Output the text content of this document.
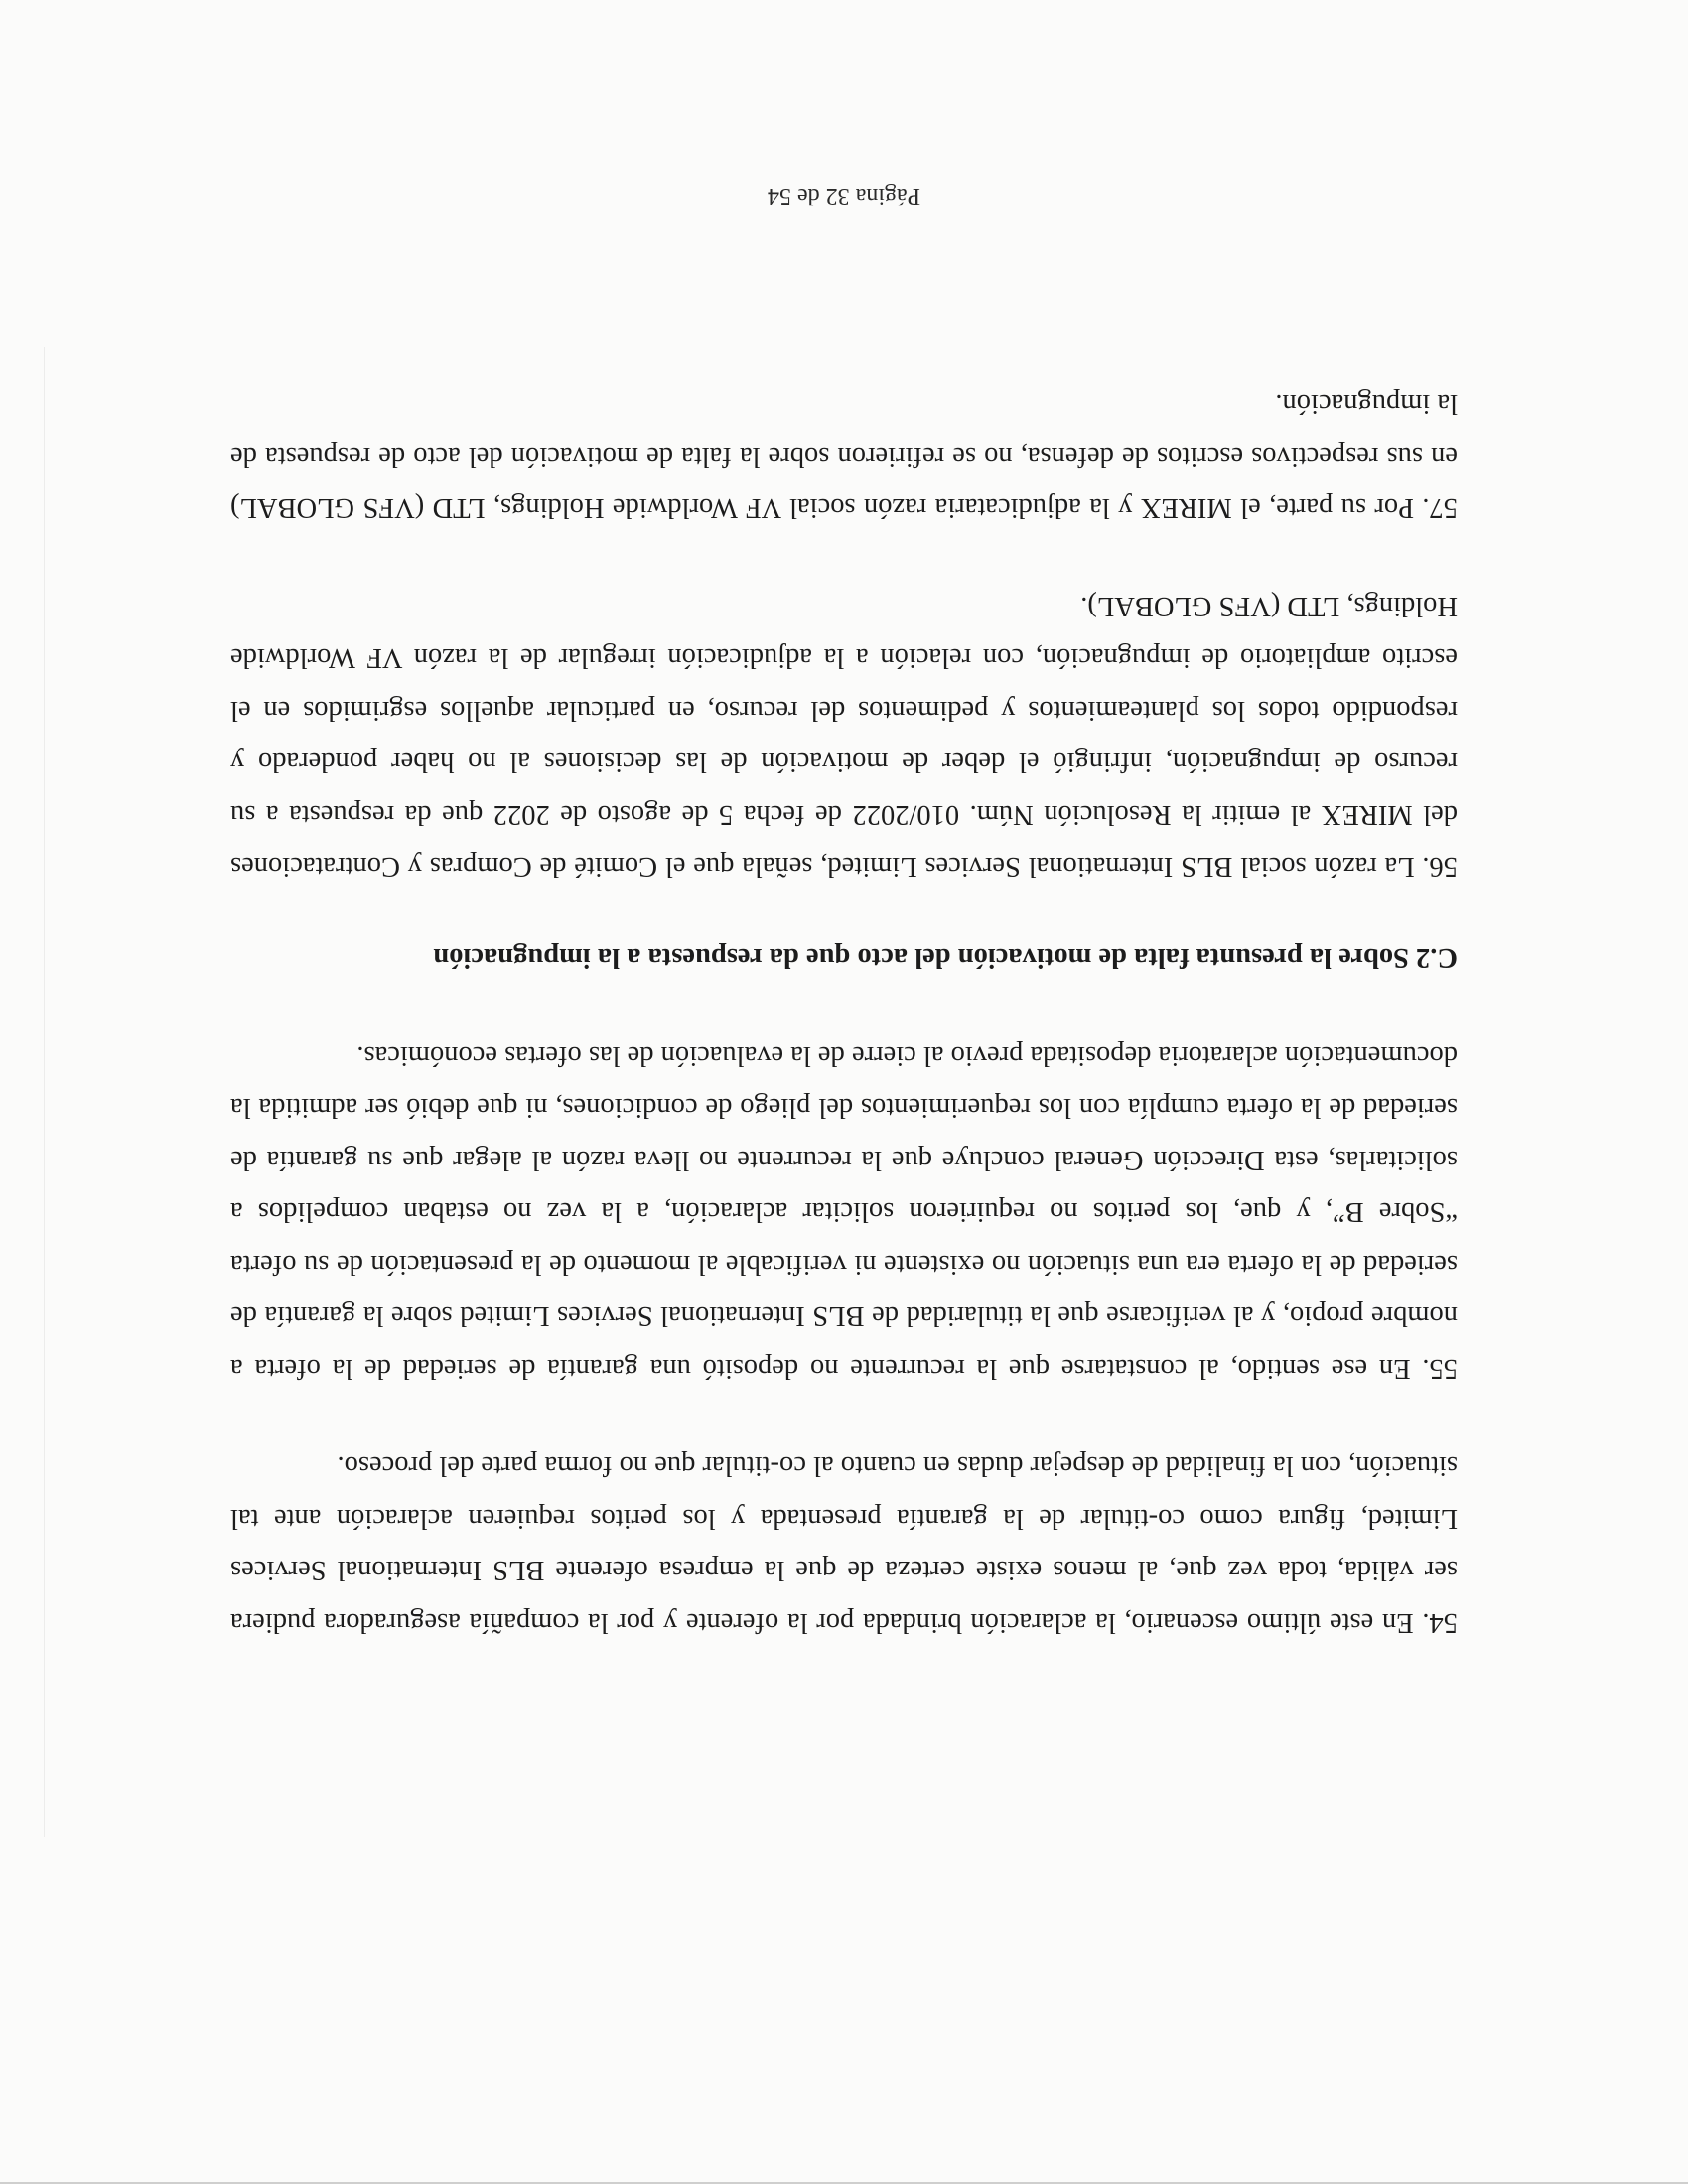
54. En este último escenario, la aclaración brindada por la oferente y por la compañía aseguradora pudiera ser válida, toda vez que, al menos existe certeza de que la empresa oferente BLS International Services Limited, figura como co-titular de la garantía presentada y los peritos requieren aclaración ante tal situación, con la finalidad de despejar dudas en cuanto al co-titular que no forma parte del proceso.

55. En ese sentido, al constatarse que la recurrente no depositó una garantía de seriedad de la oferta a nombre propio, y al verificarse que la titularidad de BLS International Services Limited sobre la garantía de seriedad de la oferta era una situación no existente ni verificable al momento de la presentación de su oferta “Sobre B”, y que, los peritos no requirieron solicitar aclaración, a la vez no estaban compelidos a solicitarlas, esta Dirección General concluye que la recurrente no lleva razón al alegar que su garantía de seriedad de la oferta cumplía con los requerimientos del pliego de condiciones, ni que debió ser admitida la documentación aclaratoria depositada previo al cierre de la evaluación de las ofertas económicas.

C.2 Sobre la presunta falta de motivación del acto que da respuesta a la impugnación

56. La razón social BLS International Services Limited, señala que el Comité de Compras y Contrataciones del MIREX al emitir la Resolución Núm. 010/2022 de fecha 5 de agosto de 2022 que da respuesta a su recurso de impugnación, infringió el deber de motivación de las decisiones al no haber ponderado y respondido todos los planteamientos y pedimentos del recurso, en particular aquellos esgrimidos en el escrito ampliatorio de impugnación, con relación a la adjudicación irregular de la razón VF Worldwide Holdings, LTD (VFS GLOBAL).

57. Por su parte, el MIREX y la adjudicataria razón social VF Worldwide Holdings, LTD (VFS GLOBAL) en sus respectivos escritos de defensa, no se refirieron sobre la falta de motivación del acto de respuesta de la impugnación.

Página 32 de 54
